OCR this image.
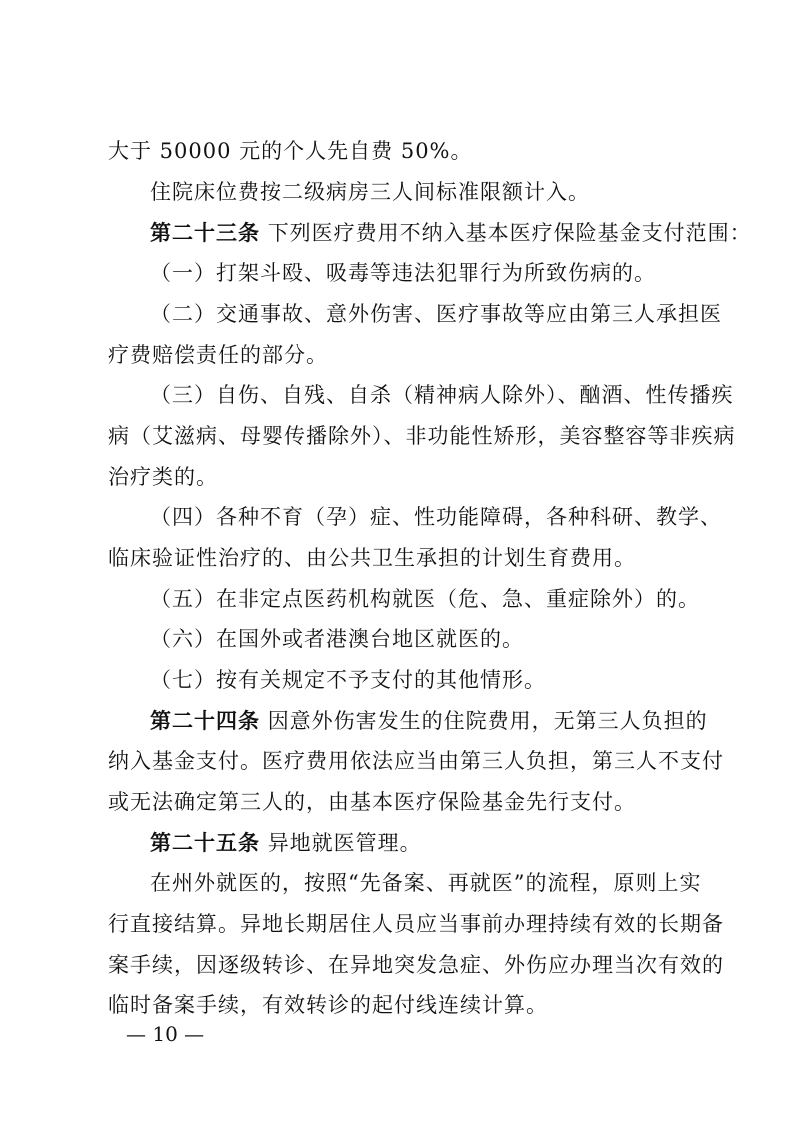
大于 50000 元的个人先自费 50%。
住院床位费按二级病房三人间标准限额计入。
第二十三条 下列医疗费用不纳入基本医疗保险基金支付范围：
（一）打架斗殴、吸毒等违法犯罪行为所致伤病的。
（二）交通事故、意外伤害、医疗事故等应由第三人承担医
疗费赔偿责任的部分。
（三）自伤、自残、自杀（精神病人除外）、酗酒、性传播疾
病（艾滋病、母婴传播除外）、非功能性矫形，美容整容等非疾病
治疗类的。
（四）各种不育（孕）症、性功能障碍，各种科研、教学、
临床验证性治疗的、由公共卫生承担的计划生育费用。
（五）在非定点医药机构就医（危、急、重症除外）的。
（六）在国外或者港澳台地区就医的。
（七）按有关规定不予支付的其他情形。
第二十四条 因意外伤害发生的住院费用，无第三人负担的
纳入基金支付。医疗费用依法应当由第三人负担，第三人不支付
或无法确定第三人的，由基本医疗保险基金先行支付。
第二十五条 异地就医管理。
在州外就医的，按照“先备案、再就医”的流程，原则上实
行直接结算。异地长期居住人员应当事前办理持续有效的长期备
案手续，因逐级转诊、在异地突发急症、外伤应办理当次有效的
临时备案手续，有效转诊的起付线连续计算。
— 10 —
